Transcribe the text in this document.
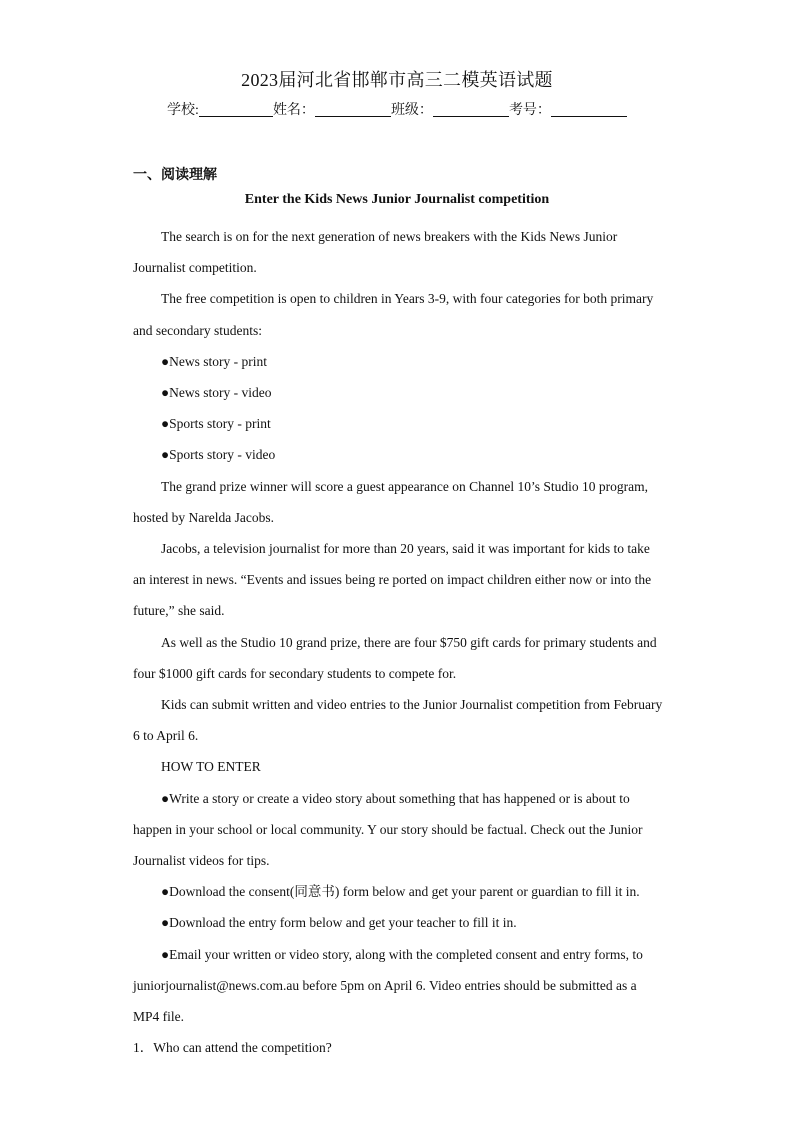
2023届河北省邯郸市高三二模英语试题
学校:	姓名：	班级：	考号：
一、阅读理解
Enter the Kids News Junior Journalist competition

The search is on for the next generation of news breakers with the Kids News Junior Journalist competition.

The free competition is open to children in Years 3-9, with four categories for both primary and secondary students:

●News story - print

●News story - video

●Sports story - print

●Sports story - video

The grand prize winner will score a guest appearance on Channel 10’s Studio 10 program, hosted by Narelda Jacobs.

Jacobs, a television journalist for more than 20 years, said it was important for kids to take an interest in news. “Events and issues being re ported on impact children either now or into the future,” she said.

As well as the Studio 10 grand prize, there are four $750 gift cards for primary students and four $1000 gift cards for secondary students to compete for.

Kids can submit written and video entries to the Junior Journalist competition from February 6 to April 6.

HOW TO ENTER

●Write a story or create a video story about something that has happened or is about to happen in your school or local community. Y our story should be factual. Check out the Junior Journalist videos for tips.

●Download the consent(同意书) form below and get your parent or guardian to fill it in.

●Download the entry form below and get your teacher to fill it in.

●Email your written or video story, along with the completed consent and entry forms, to juniorjournalist@news.com.au before 5pm on April 6. Video entries should be submitted as a MP4 file.

1．Who can attend the competition?
